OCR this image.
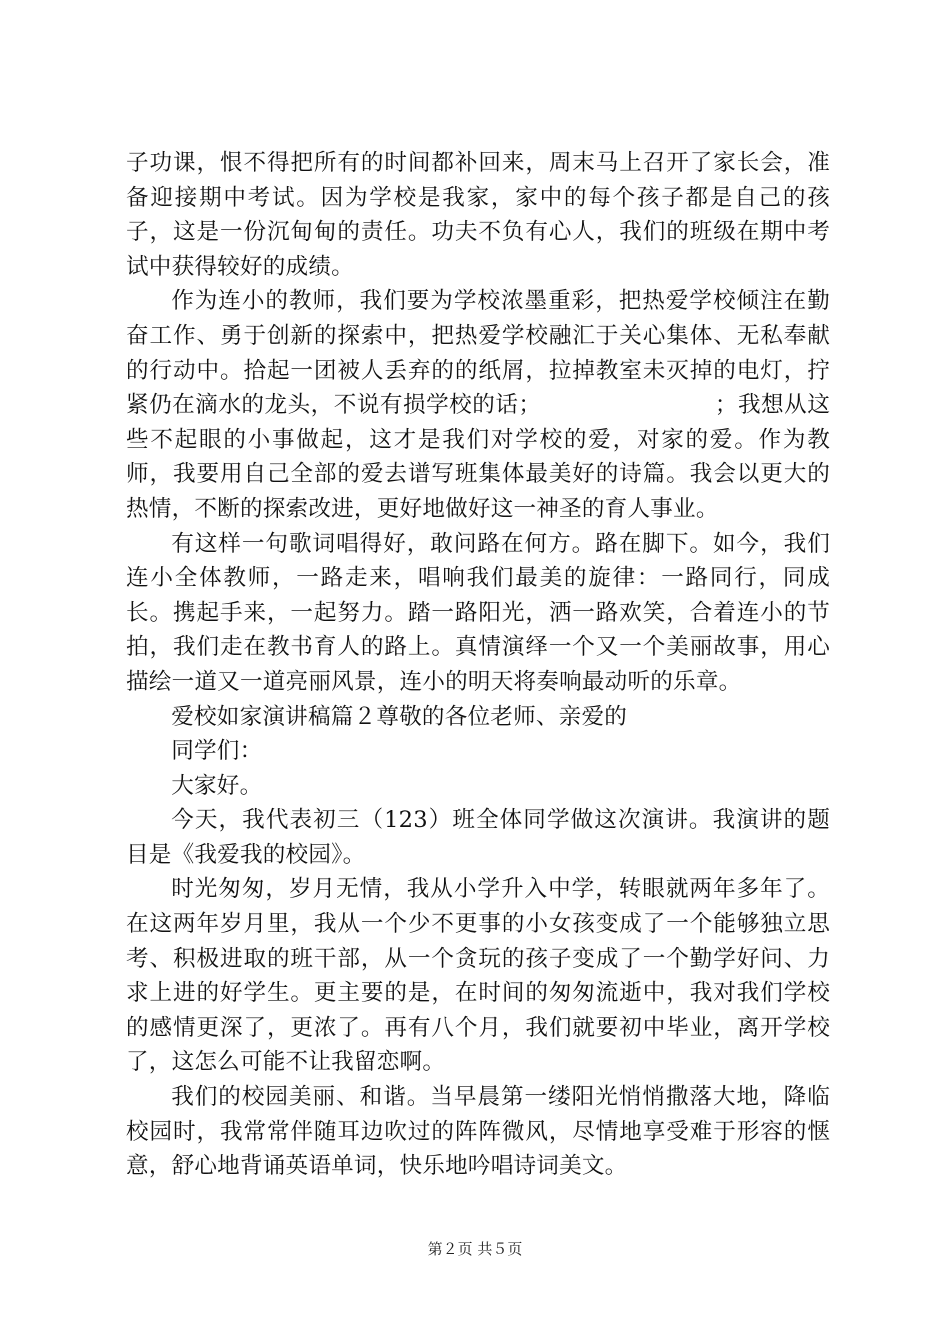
子功课，恨不得把所有的时间都补回来，周末马上召开了家长会，准备迎接期中考试。因为学校是我家，家中的每个孩子都是自己的孩子，这是一份沉甸甸的责任。功夫不负有心人，我们的班级在期中考试中获得较好的成绩。

作为连小的教师，我们要为学校浓墨重彩，把热爱学校倾注在勤奋工作、勇于创新的探索中，把热爱学校融汇于关心集体、无私奉献的行动中。拾起一团被人丢弃的的纸屑，拉掉教室未灭掉的电灯，拧紧仍在滴水的龙头，不说有损学校的话；　　　　　　　　；我想从这些不起眼的小事做起，这才是我们对学校的爱，对家的爱。作为教师，我要用自己全部的爱去谱写班集体最美好的诗篇。我会以更大的热情，不断的探索改进，更好地做好这一神圣的育人事业。

有这样一句歌词唱得好，敢问路在何方。路在脚下。如今，我们连小全体教师，一路走来，唱响我们最美的旋律：一路同行，同成长。携起手来，一起努力。踏一路阳光，洒一路欢笑，合着连小的节拍，我们走在教书育人的路上。真情演绎一个又一个美丽故事，用心描绘一道又一道亮丽风景，连小的明天将奏响最动听的乐章。

爱校如家演讲稿篇２尊敬的各位老师、亲爱的

同学们：

大家好。

今天，我代表初三（123）班全体同学做这次演讲。我演讲的题目是《我爱我的校园》。

时光匆匆，岁月无情，我从小学升入中学，转眼就两年多年了。在这两年岁月里，我从一个少不更事的小女孩变成了一个能够独立思考、积极进取的班干部，从一个贪玩的孩子变成了一个勤学好问、力求上进的好学生。更主要的是，在时间的匆匆流逝中，我对我们学校的感情更深了，更浓了。再有八个月，我们就要初中毕业，离开学校了，这怎么可能不让我留恋啊。

我们的校园美丽、和谐。当早晨第一缕阳光悄悄撒落大地，降临校园时，我常常伴随耳边吹过的阵阵微风，尽情地享受难于形容的惬意，舒心地背诵英语单词，快乐地吟唱诗词美文。

第２页 共５页
